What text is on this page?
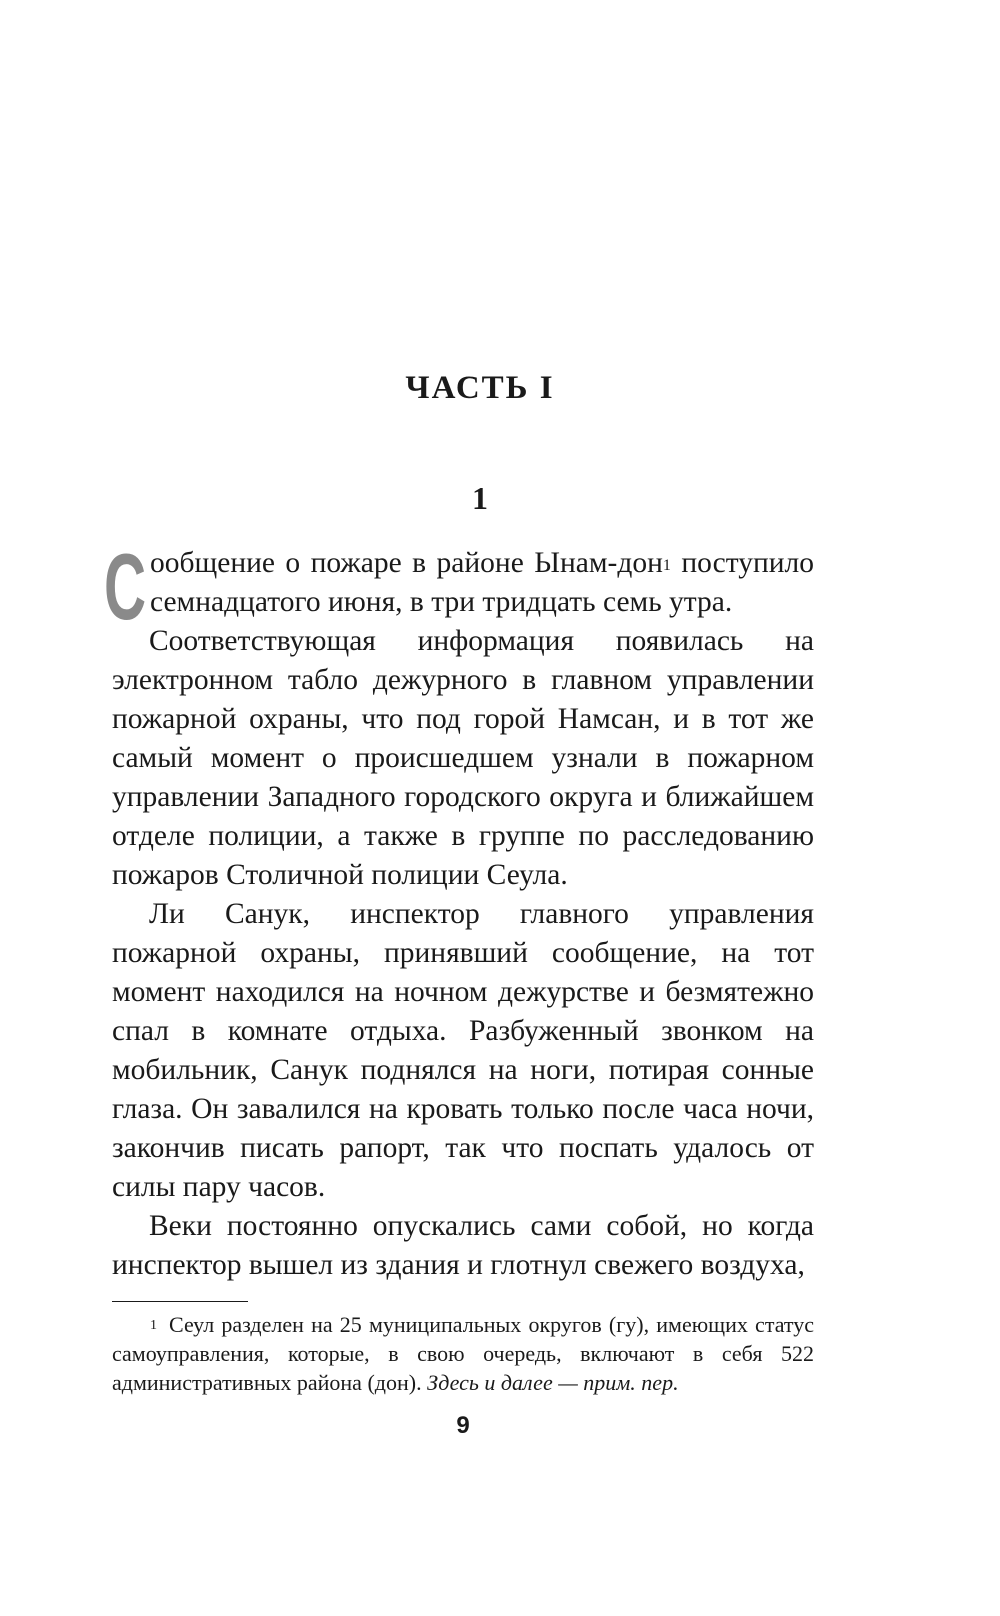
ЧАСТЬ I
1

Сообщение о пожаре в районе Ынам-дон$^1$ поступило семнадцатого июня, в три тридцать семь утра.

Соответствующая информация появилась на электронном табло дежурного в главном управлении пожарной охраны, что под горой Намсан, и в тот же самый момент о происшедшем узнали в пожарном управлении Западного городского округа и ближайшем отделе полиции, а также в группе по расследованию пожаров Столичной полиции Сеула.

Ли Санук, инспектор главного управления пожарной охраны, принявший сообщение, на тот момент находился на ночном дежурстве и безмятежно спал в комнате отдыха. Разбуженный звонком на мобильник, Санук поднялся на ноги, потирая сонные глаза. Он завалился на кровать только после часа ночи, закончив писать рапорт, так что поспать удалось от силы пару часов.

Веки постоянно опускались сами собой, но когда инспектор вышел из здания и глотнул свежего воздуха,

$^1$ Сеул разделен на 25 муниципальных округов (гу), имеющих статус самоуправления, которые, в свою очередь, включают в себя 522 административных района (дон). Здесь и далее — прим. пер.

9
